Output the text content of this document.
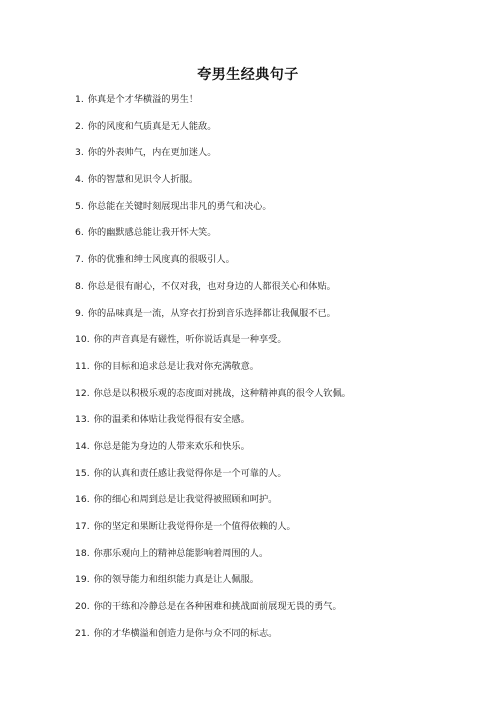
夸男生经典句子
1. 你真是个才华横溢的男生！
2. 你的风度和气质真是无人能敌。
3. 你的外表帅气，内在更加迷人。
4. 你的智慧和见识令人折服。
5. 你总能在关键时刻展现出非凡的勇气和决心。
6. 你的幽默感总能让我开怀大笑。
7. 你的优雅和绅士风度真的很吸引人。
8. 你总是很有耐心，不仅对我，也对身边的人都很关心和体贴。
9. 你的品味真是一流，从穿衣打扮到音乐选择都让我佩服不已。
10. 你的声音真是有磁性，听你说话真是一种享受。
11. 你的目标和追求总是让我对你充满敬意。
12. 你总是以积极乐观的态度面对挑战，这种精神真的很令人钦佩。
13. 你的温柔和体贴让我觉得很有安全感。
14. 你总是能为身边的人带来欢乐和快乐。
15. 你的认真和责任感让我觉得你是一个可靠的人。
16. 你的细心和周到总是让我觉得被照顾和呵护。
17. 你的坚定和果断让我觉得你是一个值得依赖的人。
18. 你那乐观向上的精神总能影响着周围的人。
19. 你的领导能力和组织能力真是让人佩服。
20. 你的干练和冷静总是在各种困难和挑战面前展现无畏的勇气。
21. 你的才华横溢和创造力是你与众不同的标志。
